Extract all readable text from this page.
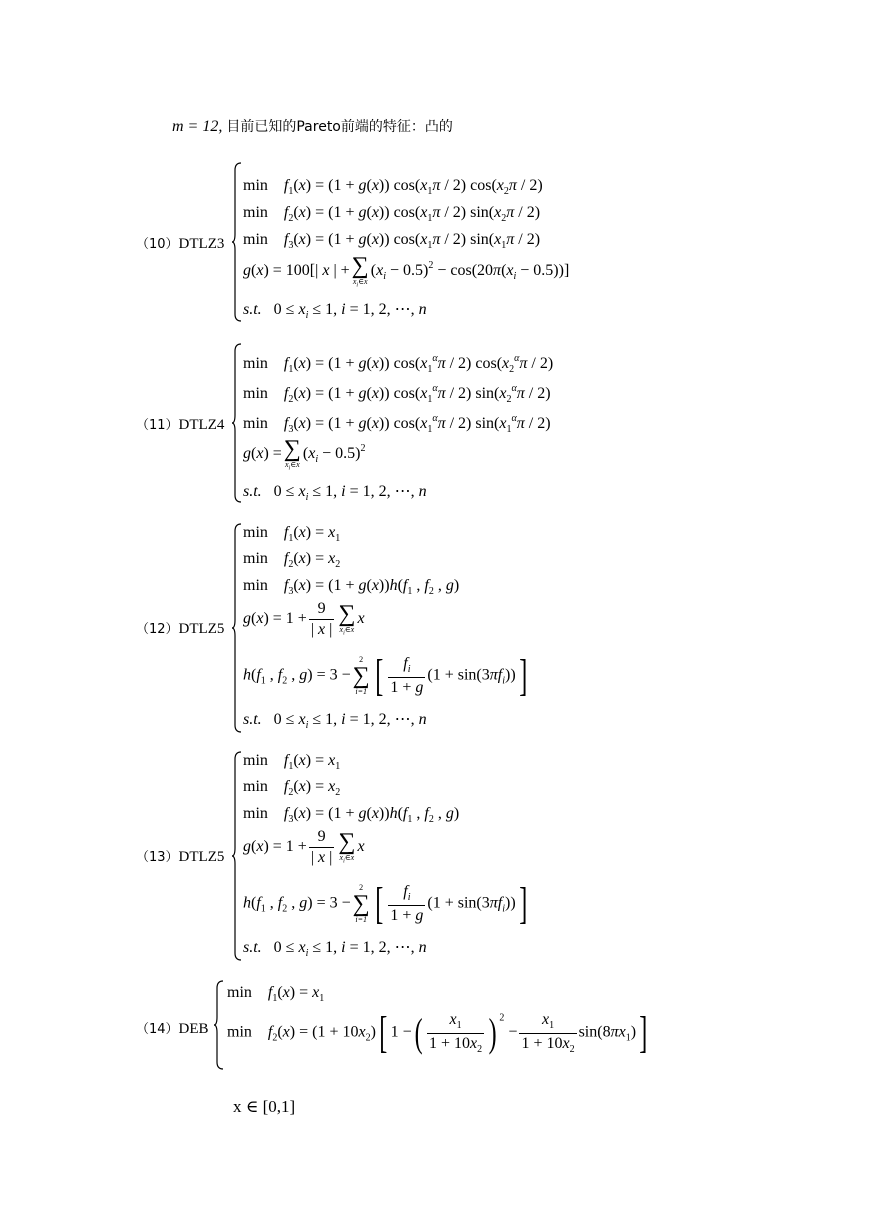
m = 12, 目前已知的Pareto前端的特征：凸的
（10）DTLZ3
min    $f_1(x) = (1 + g(x))$ $\cos(x_1\pi / 2)$ $\cos(x_2\pi / 2)$
min    $f_2(x) = (1 + g(x))$ $\cos(x_1\pi / 2)$ $\sin(x_2\pi / 2)$
min    $f_3(x) = (1 + g(x))$ $\cos(x_1\pi / 2)$ $\sin(x_1\pi / 2)$
g(x) = 100[| x | + ∑
$x_i\in x$
$(x_i - 0.5)^2 - \cos(20\pi(x_i - 0.5))$]
s.t.   $0 \le x_i \le 1$, i = 1, 2, ⋯, n
（11）DTLZ4
min    $f_1(x) = (1 + g(x))$ $\cos(x_1^\alpha\pi / 2)$ $\cos(x_2^\alpha\pi / 2)$
min    $f_2(x) = (1 + g(x))$ $\cos(x_1^\alpha\pi / 2)$ $\sin(x_2^\alpha\pi / 2)$
min    $f_3(x) = (1 + g(x))$ $\cos(x_1^\alpha\pi / 2)$ $\sin(x_1^\alpha\pi / 2)$
g(x) = ∑
$x_i\in x$
$(x_i - 0.5)^2$
s.t.   $0 \le x_i \le 1$, i = 1, 2, ⋯, n
（12）DTLZ5
min    $f_1(x) = x_1$
min    $f_2(x) = x_2$
min    $f_3(x) = (1 + g(x))h(f_1$ , $f_2$ , g)
$g(x) = 1 + \frac{9}{| x |}$ ∑
$x_i\in x$
x
$h(f_1$ , $f_2$ , g) = 3 −
2
∑
i=1 [ $\frac{f_i}{1 + g} (1 + \sin(3\pi f_i))$]
s.t.   $0 \le x_i \le 1$, i = 1, 2, ⋯, n
（13）DTLZ5
min    $f_1(x) = x_1$
min    $f_2(x) = x_2$
min    $f_3(x) = (1 + g(x))h(f_1$ , $f_2$ , g)
$g(x) = 1 + \frac{9}{| x |}$ ∑
$x_i\in x$
x
$h(f_1$ , $f_2$ , g) = 3 −
2
∑
i=1 [ $\frac{f_i}{1 + g} (1 + \sin(3\pi f_i))$]
s.t.   $0 \le x_i \le 1$, i = 1, 2, ⋯, n
（14）DEB
min    $f_1(x) = x_1$
min    $f_2(x) = (1 + 10x_2)$[ 1 −( $\frac{x_1}{1 + 10x_2}$ ) $^2 - \frac{x_1}{1 + 10x_2} \sin(8\pi x_1)$]
x ∈ [0,1]
